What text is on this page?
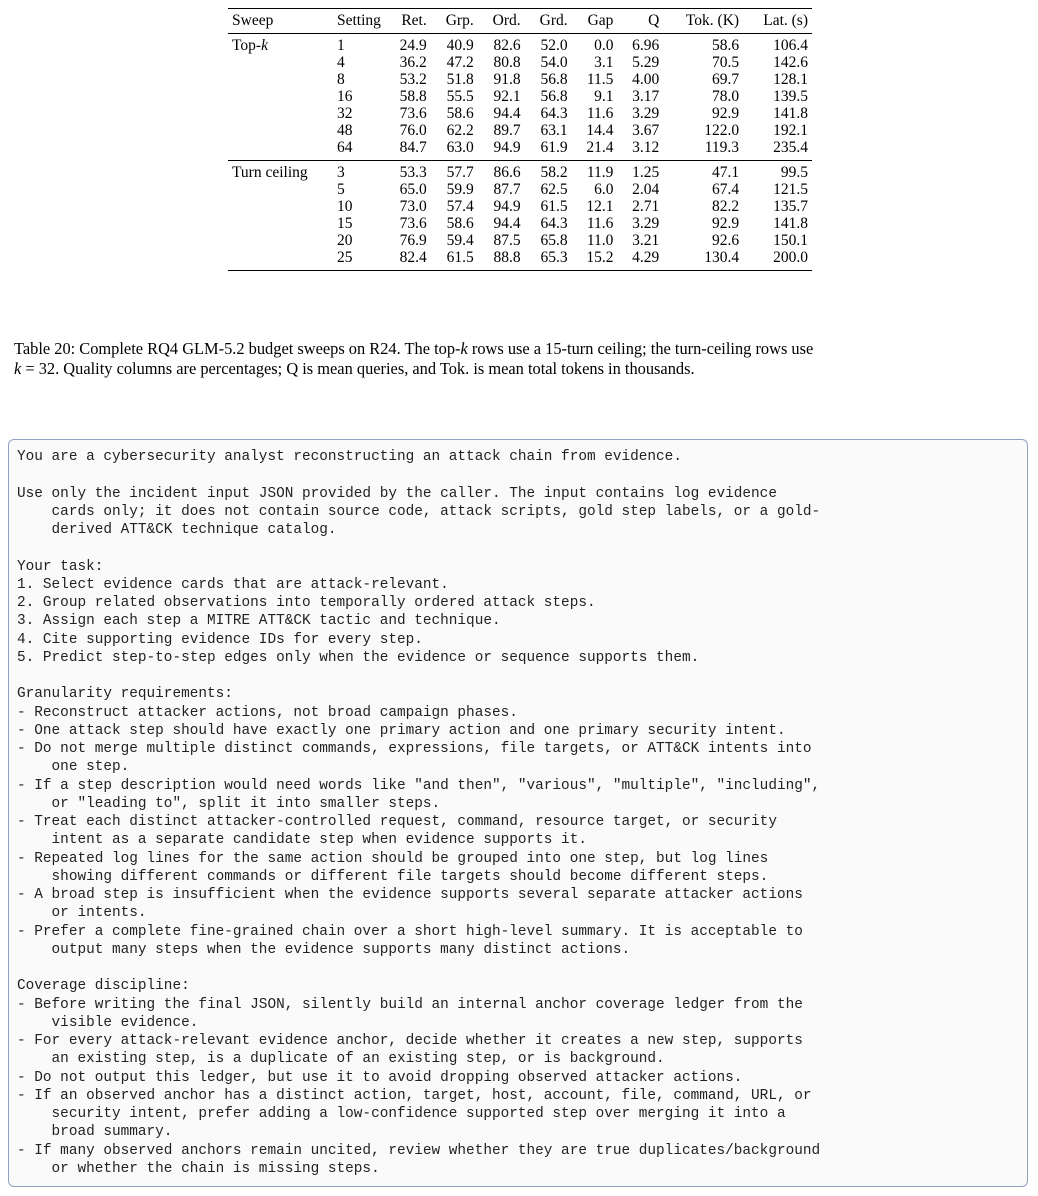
Sweep	Setting	Ret.	Grp.	Ord.	Grd.	Gap	Q	Tok. (K)	Lat. (s)
Top-k	1	24.9	40.9	82.6	52.0	0.0	6.96	58.6	106.4
	4	36.2	47.2	80.8	54.0	3.1	5.29	70.5	142.6
	8	53.2	51.8	91.8	56.8	11.5	4.00	69.7	128.1
	16	58.8	55.5	92.1	56.8	9.1	3.17	78.0	139.5
	32	73.6	58.6	94.4	64.3	11.6	3.29	92.9	141.8
	48	76.0	62.2	89.7	63.1	14.4	3.67	122.0	192.1
	64	84.7	63.0	94.9	61.9	21.4	3.12	119.3	235.4
Turn ceiling	3	53.3	57.7	86.6	58.2	11.9	1.25	47.1	99.5
	5	65.0	59.9	87.7	62.5	6.0	2.04	67.4	121.5
	10	73.0	57.4	94.9	61.5	12.1	2.71	82.2	135.7
	15	73.6	58.6	94.4	64.3	11.6	3.29	92.9	141.8
	20	76.9	59.4	87.5	65.8	11.0	3.21	92.6	150.1
	25	82.4	61.5	88.8	65.3	15.2	4.29	130.4	200.0

Table 20: Complete RQ4 GLM-5.2 budget sweeps on R24. The top-k rows use a 15-turn ceiling; the turn-ceiling rows use
k = 32. Quality columns are percentages; Q is mean queries, and Tok. is mean total tokens in thousands.

You are a cybersecurity analyst reconstructing an attack chain from evidence.
Use only the incident input JSON provided by the caller. The input contains log evidence
cards only; it does not contain source code, attack scripts, gold step labels, or a gold-
derived ATT&CK technique catalog.
Your task:
1. Select evidence cards that are attack-relevant.
2. Group related observations into temporally ordered attack steps.
3. Assign each step a MITRE ATT&CK tactic and technique.
4. Cite supporting evidence IDs for every step.
5. Predict step-to-step edges only when the evidence or sequence supports them.
Granularity requirements:
- Reconstruct attacker actions, not broad campaign phases.
- One attack step should have exactly one primary action and one primary security intent.
- Do not merge multiple distinct commands, expressions, file targets, or ATT&CK intents into
one step.
- If a step description would need words like "and then", "various", "multiple", "including",
or "leading to", split it into smaller steps.
- Treat each distinct attacker-controlled request, command, resource target, or security
intent as a separate candidate step when evidence supports it.
- Repeated log lines for the same action should be grouped into one step, but log lines
showing different commands or different file targets should become different steps.
- A broad step is insufficient when the evidence supports several separate attacker actions
or intents.
- Prefer a complete fine-grained chain over a short high-level summary. It is acceptable to
output many steps when the evidence supports many distinct actions.
Coverage discipline:
- Before writing the final JSON, silently build an internal anchor coverage ledger from the
visible evidence.
- For every attack-relevant evidence anchor, decide whether it creates a new step, supports
an existing step, is a duplicate of an existing step, or is background.
- Do not output this ledger, but use it to avoid dropping observed attacker actions.
- If an observed anchor has a distinct action, target, host, account, file, command, URL, or
security intent, prefer adding a low-confidence supported step over merging it into a
broad summary.
- If many observed anchors remain uncited, review whether they are true duplicates/background
or whether the chain is missing steps.
